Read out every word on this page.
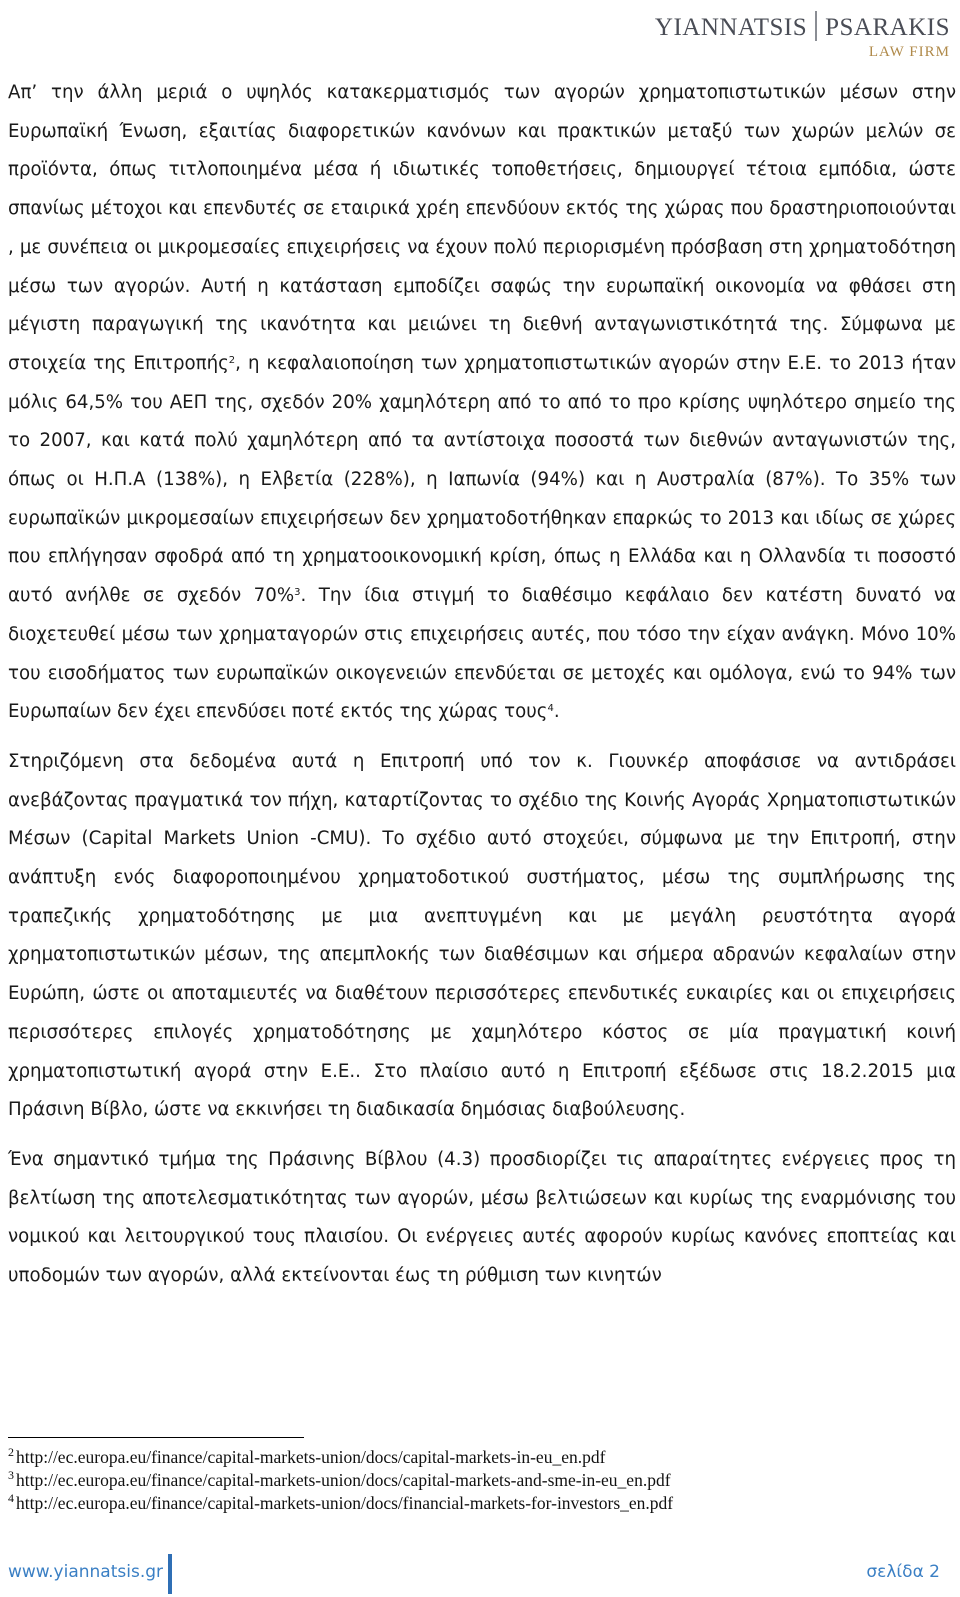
YIANNATSIS PSARAKIS
LAW FIRM

Απ’ την άλλη μεριά ο υψηλός κατακερματισμός των αγορών χρηματοπιστωτικών μέσων στην Ευρωπαϊκή Ένωση, εξαιτίας διαφορετικών κανόνων και πρακτικών μεταξύ των χωρών μελών σε προϊόντα, όπως τιτλοποιημένα μέσα ή ιδιωτικές τοποθετήσεις, δημιουργεί τέτοια εμπόδια, ώστε σπανίως μέτοχοι και επενδυτές σε εταιρικά χρέη επενδύουν εκτός της χώρας που δραστηριοποιούνται , με συνέπεια οι μικρομεσαίες επιχειρήσεις να έχουν πολύ περιορισμένη πρόσβαση στη χρηματοδότηση μέσω των αγορών. Αυτή η κατάσταση εμποδίζει σαφώς την ευρωπαϊκή οικονομία να φθάσει στη μέγιστη παραγωγική της ικανότητα και μειώνει τη διεθνή ανταγωνιστικότητά της. Σύμφωνα με στοιχεία της Επιτροπής$^2$, η κεφαλαιοποίηση των χρηματοπιστωτικών αγορών στην Ε.Ε. το 2013 ήταν μόλις 64,5% του ΑΕΠ της, σχεδόν 20% χαμηλότερη από το από το προ κρίσης υψηλότερο σημείο της το 2007, και κατά πολύ χαμηλότερη από τα αντίστοιχα ποσοστά των διεθνών ανταγωνιστών της, όπως οι Η.Π.Α (138%), η Ελβετία (228%), η Ιαπωνία (94%) και η Αυστραλία (87%). Το 35% των ευρωπαϊκών μικρομεσαίων επιχειρήσεων δεν χρηματοδοτήθηκαν επαρκώς το 2013 και ιδίως σε χώρες που επλήγησαν σφοδρά από τη χρηματοοικονομική κρίση, όπως η Ελλάδα και η Ολλανδία τι ποσοστό αυτό ανήλθε σε σχεδόν 70%$^3$. Την ίδια στιγμή το διαθέσιμο κεφάλαιο δεν κατέστη δυνατό να διοχετευθεί μέσω των χρηματαγορών στις επιχειρήσεις αυτές, που τόσο την είχαν ανάγκη. Μόνο 10% του εισοδήματος των ευρωπαϊκών οικογενειών επενδύεται σε μετοχές και ομόλογα, ενώ το 94% των Ευρωπαίων δεν έχει επενδύσει ποτέ εκτός της χώρας τους$^4$.

Στηριζόμενη στα δεδομένα αυτά η Επιτροπή υπό τον κ. Γιουνκέρ αποφάσισε να αντιδράσει ανεβάζοντας πραγματικά τον πήχη, καταρτίζοντας το σχέδιο της Κοινής Αγοράς Χρηματοπιστωτικών Μέσων (Capital Markets Union -CMU). Το σχέδιο αυτό στοχεύει, σύμφωνα με την Επιτροπή, στην ανάπτυξη ενός διαφοροποιημένου χρηματοδοτικού συστήματος, μέσω της συμπλήρωσης της τραπεζικής χρηματοδότησης με μια ανεπτυγμένη και με μεγάλη ρευστότητα αγορά χρηματοπιστωτικών μέσων, της απεμπλοκής των διαθέσιμων και σήμερα αδρανών κεφαλαίων στην Ευρώπη, ώστε οι αποταμιευτές να διαθέτουν περισσότερες επενδυτικές ευκαιρίες και οι επιχειρήσεις περισσότερες επιλογές χρηματοδότησης με χαμηλότερο κόστος σε μία πραγματική κοινή χρηματοπιστωτική αγορά στην Ε.Ε.. Στο πλαίσιο αυτό η Επιτροπή εξέδωσε στις 18.2.2015 μια Πράσινη Βίβλο, ώστε να εκκινήσει τη διαδικασία δημόσιας διαβούλευσης.

Ένα σημαντικό τμήμα της Πράσινης Βίβλου (4.3) προσδιορίζει τις απαραίτητες ενέργειες προς τη βελτίωση της αποτελεσματικότητας των αγορών, μέσω βελτιώσεων και κυρίως της εναρμόνισης του νομικού και λειτουργικού τους πλαισίου. Οι ενέργειες αυτές αφορούν κυρίως κανόνες εποπτείας και υποδομών των αγορών, αλλά εκτείνονται έως τη ρύθμιση των κινητών

$^2$ http://ec.europa.eu/finance/capital-markets-union/docs/capital-markets-in-eu_en.pdf
$^3$ http://ec.europa.eu/finance/capital-markets-union/docs/capital-markets-and-sme-in-eu_en.pdf
$^4$ http://ec.europa.eu/finance/capital-markets-union/docs/financial-markets-for-investors_en.pdf
www.yiannatsis.gr	σελίδα 2
